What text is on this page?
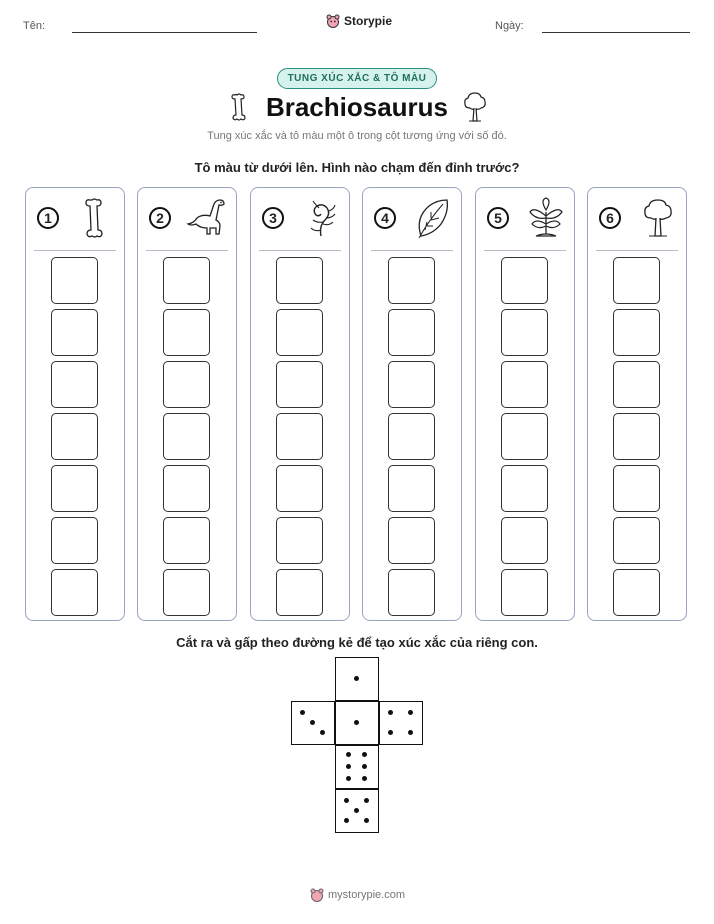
Tên:	Storypie	Ngày:
TUNG XÚC XẮC & TÔ MÀU
Brachiosaurus
Tung xúc xắc và tô màu một ô trong cột tương ứng với số đó.
Tô màu từ dưới lên. Hình nào chạm đến đỉnh trước?
1	2	3	4	5	6
Cắt ra và gấp theo đường kẻ để tạo xúc xắc của riêng con.
mystorypie.com
